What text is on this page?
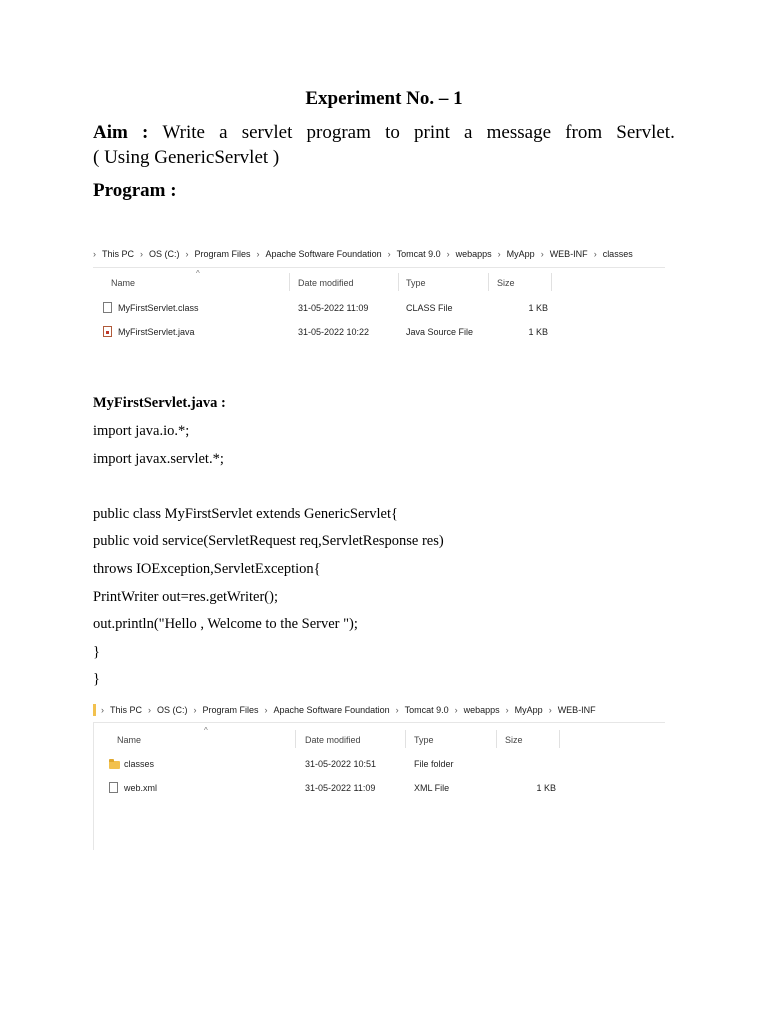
Experiment No. – 1
Aim : Write a servlet program to print a message from Servlet.
( Using GenericServlet )
Program :
› This PC › OS (C:) › Program Files › Apache Software Foundation › Tomcat 9.0 › webapps › MyApp › WEB-INF › classes
^
Name	Date modified	Type	Size
MyFirstServlet.class	31-05-2022 11:09	CLASS File	1 KB
MyFirstServlet.java	31-05-2022 10:22	Java Source File	1 KB
MyFirstServlet.java :
import java.io.*;
import javax.servlet.*;
public class MyFirstServlet extends GenericServlet{
public void service(ServletRequest req,ServletResponse res)
throws IOException,ServletException{
PrintWriter out=res.getWriter();
out.println("Hello , Welcome to the Server ");
}
}
› This PC › OS (C:) › Program Files › Apache Software Foundation › Tomcat 9.0 › webapps › MyApp › WEB-INF
^
Name	Date modified	Type	Size
classes	31-05-2022 10:51	File folder
web.xml	31-05-2022 11:09	XML File	1 KB
